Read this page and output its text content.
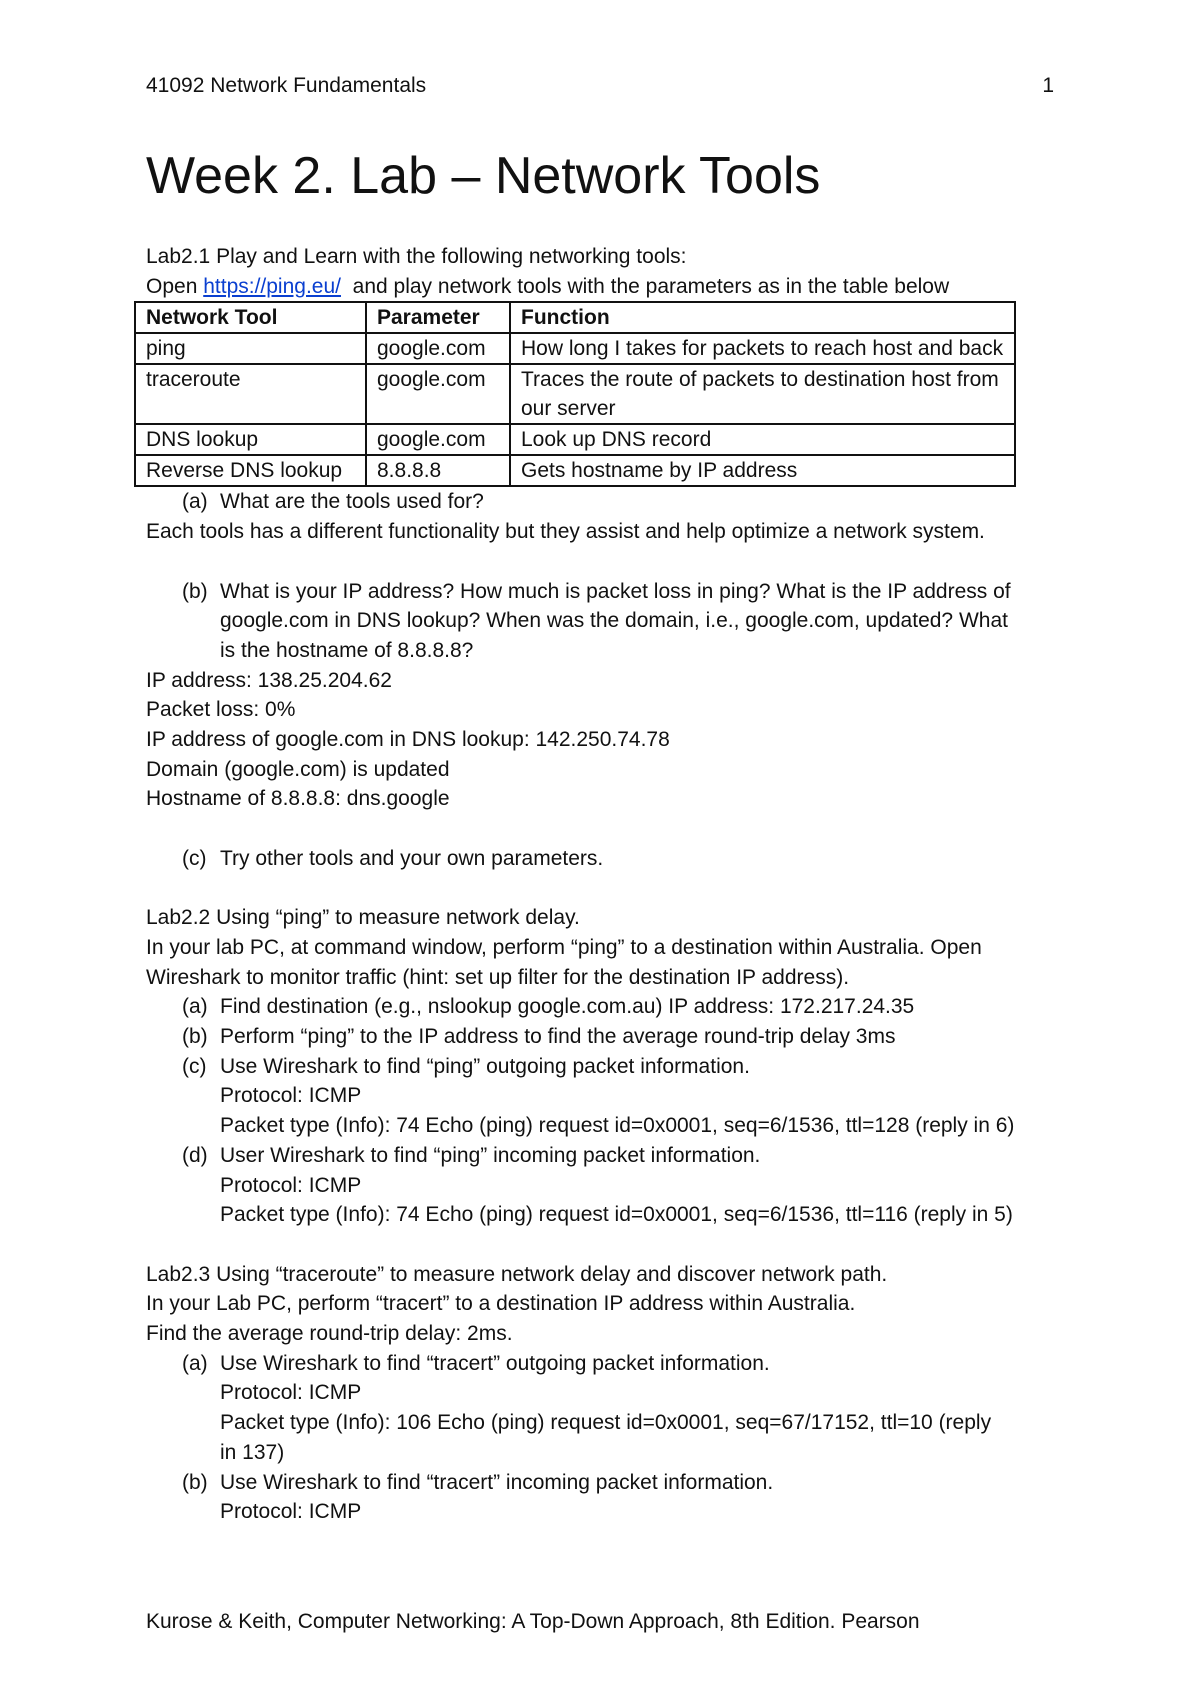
41092 Network Fundamentals	1
Week 2. Lab – Network Tools
Lab2.1 Play and Learn with the following networking tools:
Open https://ping.eu/ and play network tools with the parameters as in the table below
Network Tool	Parameter	Function
ping	google.com	How long I takes for packets to reach host and back
traceroute	google.com	Traces the route of packets to destination host from our server
DNS lookup	google.com	Look up DNS record
Reverse DNS lookup	8.8.8.8	Gets hostname by IP address
(a) What are the tools used for?
Each tools has a different functionality but they assist and help optimize a network system.
(b) What is your IP address? How much is packet loss in ping? What is the IP address of
google.com in DNS lookup? When was the domain, i.e., google.com, updated? What
is the hostname of 8.8.8.8?
IP address: 138.25.204.62
Packet loss: 0%
IP address of google.com in DNS lookup: 142.250.74.78
Domain (google.com) is updated
Hostname of 8.8.8.8: dns.google
(c) Try other tools and your own parameters.
Lab2.2 Using “ping” to measure network delay.
In your lab PC, at command window, perform “ping” to a destination within Australia. Open
Wireshark to monitor traffic (hint: set up filter for the destination IP address).
(a) Find destination (e.g., nslookup google.com.au) IP address: 172.217.24.35
(b) Perform “ping” to the IP address to find the average round-trip delay 3ms
(c) Use Wireshark to find “ping” outgoing packet information.
Protocol: ICMP
Packet type (Info): 74 Echo (ping) request id=0x0001, seq=6/1536, ttl=128 (reply in 6)
(d) User Wireshark to find “ping” incoming packet information.
Protocol: ICMP
Packet type (Info): 74 Echo (ping) request id=0x0001, seq=6/1536, ttl=116 (reply in 5)
Lab2.3 Using “traceroute” to measure network delay and discover network path.
In your Lab PC, perform “tracert” to a destination IP address within Australia.
Find the average round-trip delay: 2ms.
(a) Use Wireshark to find “tracert” outgoing packet information.
Protocol: ICMP
Packet type (Info): 106 Echo (ping) request id=0x0001, seq=67/17152, ttl=10 (reply
in 137)
(b) Use Wireshark to find “tracert” incoming packet information.
Protocol: ICMP
Kurose & Keith, Computer Networking: A Top-Down Approach, 8th Edition. Pearson
